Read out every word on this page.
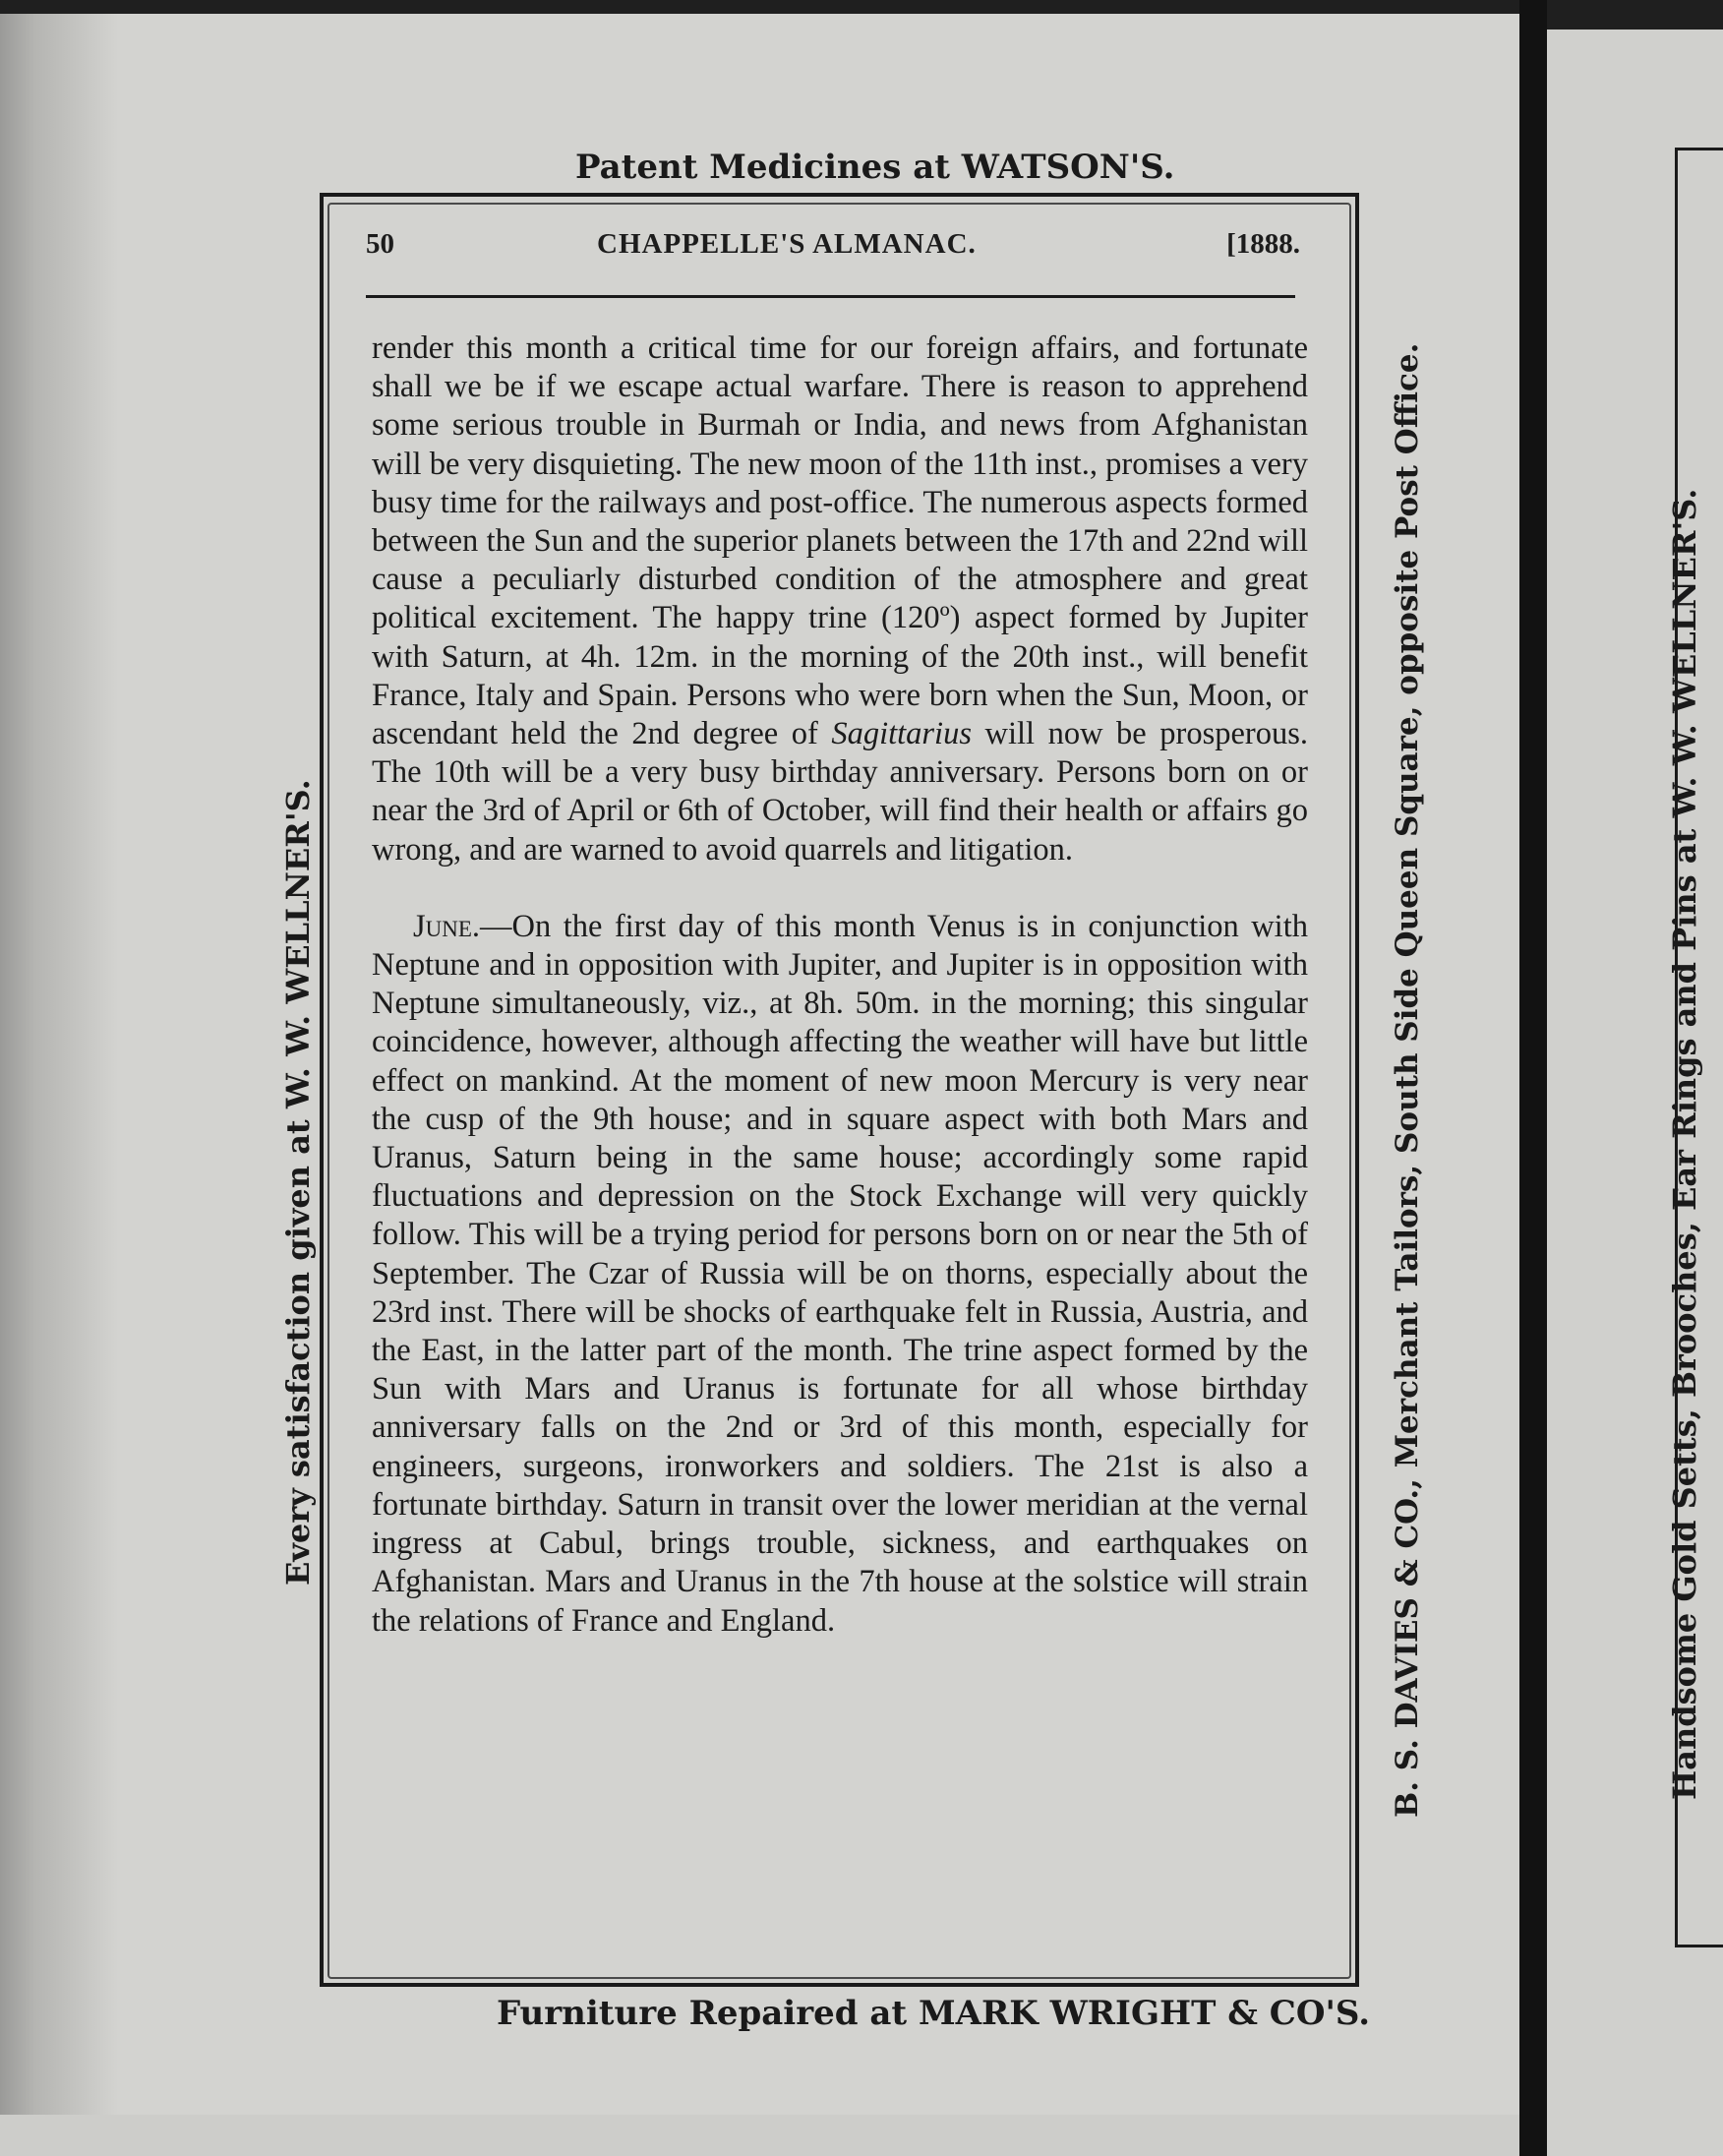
Patent Medicines at WATSON'S.
50	CHAPPELLE'S ALMANAC.	[1888.

render this month a critical time for our foreign affairs, and fortunate shall we be if we escape actual warfare. There is reason to apprehend some serious trouble in Burmah or India, and news from Afghanistan will be very disquieting. The new moon of the 11th inst., promises a very busy time for the railways and post-office. The numerous aspects formed between the Sun and the superior planets between the 17th and 22nd will cause a peculiarly disturbed condition of the atmosphere and great political excitement. The happy trine (120º) aspect formed by Jupiter with Saturn, at 4h. 12m. in the morning of the 20th inst., will benefit France, Italy and Spain. Persons who were born when the Sun, Moon, or ascendant held the 2nd degree of Sagittarius will now be prosperous. The 10th will be a very busy birthday anniversary. Persons born on or near the 3rd of April or 6th of October, will find their health or affairs go wrong, and are warned to avoid quarrels and litigation.

June.—On the first day of this month Venus is in conjunction with Neptune and in opposition with Jupiter, and Jupiter is in opposition with Neptune simultaneously, viz., at 8h. 50m. in the morning; this singular coincidence, however, although affecting the weather will have but little effect on mankind. At the moment of new moon Mercury is very near the cusp of the 9th house; and in square aspect with both Mars and Uranus, Saturn being in the same house; accordingly some rapid fluctuations and depression on the Stock Exchange will very quickly follow. This will be a trying period for persons born on or near the 5th of September. The Czar of Russia will be on thorns, especially about the 23rd inst. There will be shocks of earthquake felt in Russia, Austria, and the East, in the latter part of the month. The trine aspect formed by the Sun with Mars and Uranus is fortunate for all whose birthday anniversary falls on the 2nd or 3rd of this month, especially for engineers, surgeons, ironworkers and soldiers. The 21st is also a fortunate birthday. Saturn in transit over the lower meridian at the vernal ingress at Cabul, brings trouble, sickness, and earthquakes on Afghanistan. Mars and Uranus in the 7th house at the solstice will strain the relations of France and England.

Furniture Repaired at MARK WRIGHT & CO'S.
Every satisfaction given at W. W. WELLNER'S.	B. S. DAVIES & CO., Merchant Tailors, South Side Queen Square, opposite Post Office.	Handsome Gold Setts, Brooches, Ear Rings and Pins at W. W. WELLNER'S.
